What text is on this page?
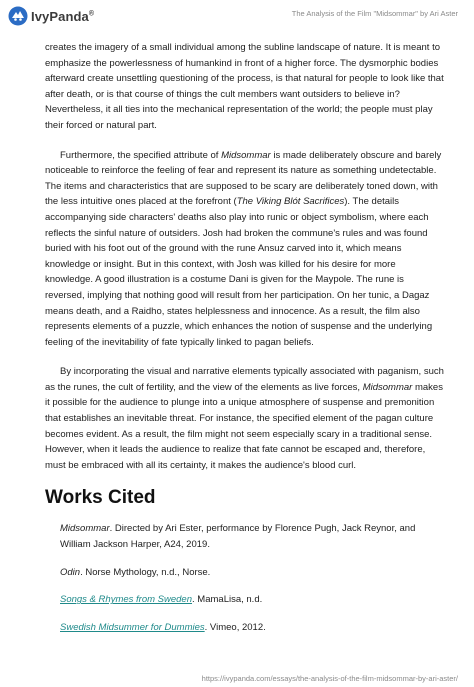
IvyPanda®	The Analysis of the Film "Midsommar" by Ari Aster

creates the imagery of a small individual among the subline landscape of nature. It is meant to emphasize the powerlessness of humankind in front of a higher force. The dysmorphic bodies afterward create unsettling questioning of the process, is that natural for people to look like that after death, or is that course of things the cult members want outsiders to believe in? Nevertheless, it all ties into the mechanical representation of the world; the people must play their forced or natural part.

Furthermore, the specified attribute of Midsommar is made deliberately obscure and barely noticeable to reinforce the feeling of fear and represent its nature as something undetectable. The items and characteristics that are supposed to be scary are deliberately toned down, with the less intuitive ones placed at the forefront (The Viking Blót Sacrifices). The details accompanying side characters' deaths also play into runic or object symbolism, where each reflects the sinful nature of outsiders. Josh had broken the commune's rules and was found buried with his foot out of the ground with the rune Ansuz carved into it, which means knowledge or insight. But in this context, with Josh was killed for his desire for more knowledge. A good illustration is a costume Dani is given for the Maypole. The rune is reversed, implying that nothing good will result from her participation. On her tunic, a Dagaz means death, and a Raidho, states helplessness and innocence. As a result, the film also represents elements of a puzzle, which enhances the notion of suspense and the underlying feeling of the inevitability of fate typically linked to pagan beliefs.

By incorporating the visual and narrative elements typically associated with paganism, such as the runes, the cult of fertility, and the view of the elements as live forces, Midsommar makes it possible for the audience to plunge into a unique atmosphere of suspense and premonition that establishes an inevitable threat. For instance, the specified element of the pagan culture becomes evident. As a result, the film might not seem especially scary in a traditional sense. However, when it leads the audience to realize that fate cannot be escaped and, therefore, must be embraced with all its certainty, it makes the audience's blood curl.

Works Cited

Midsommar. Directed by Ari Ester, performance by Florence Pugh, Jack Reynor, and William Jackson Harper, A24, 2019.

Odin. Norse Mythology, n.d., Norse.

Songs & Rhymes from Sweden. MamaLisa, n.d.

Swedish Midsummer for Dummies. Vimeo, 2012.

https://ivypanda.com/essays/the-analysis-of-the-film-midsommar-by-ari-aster/
